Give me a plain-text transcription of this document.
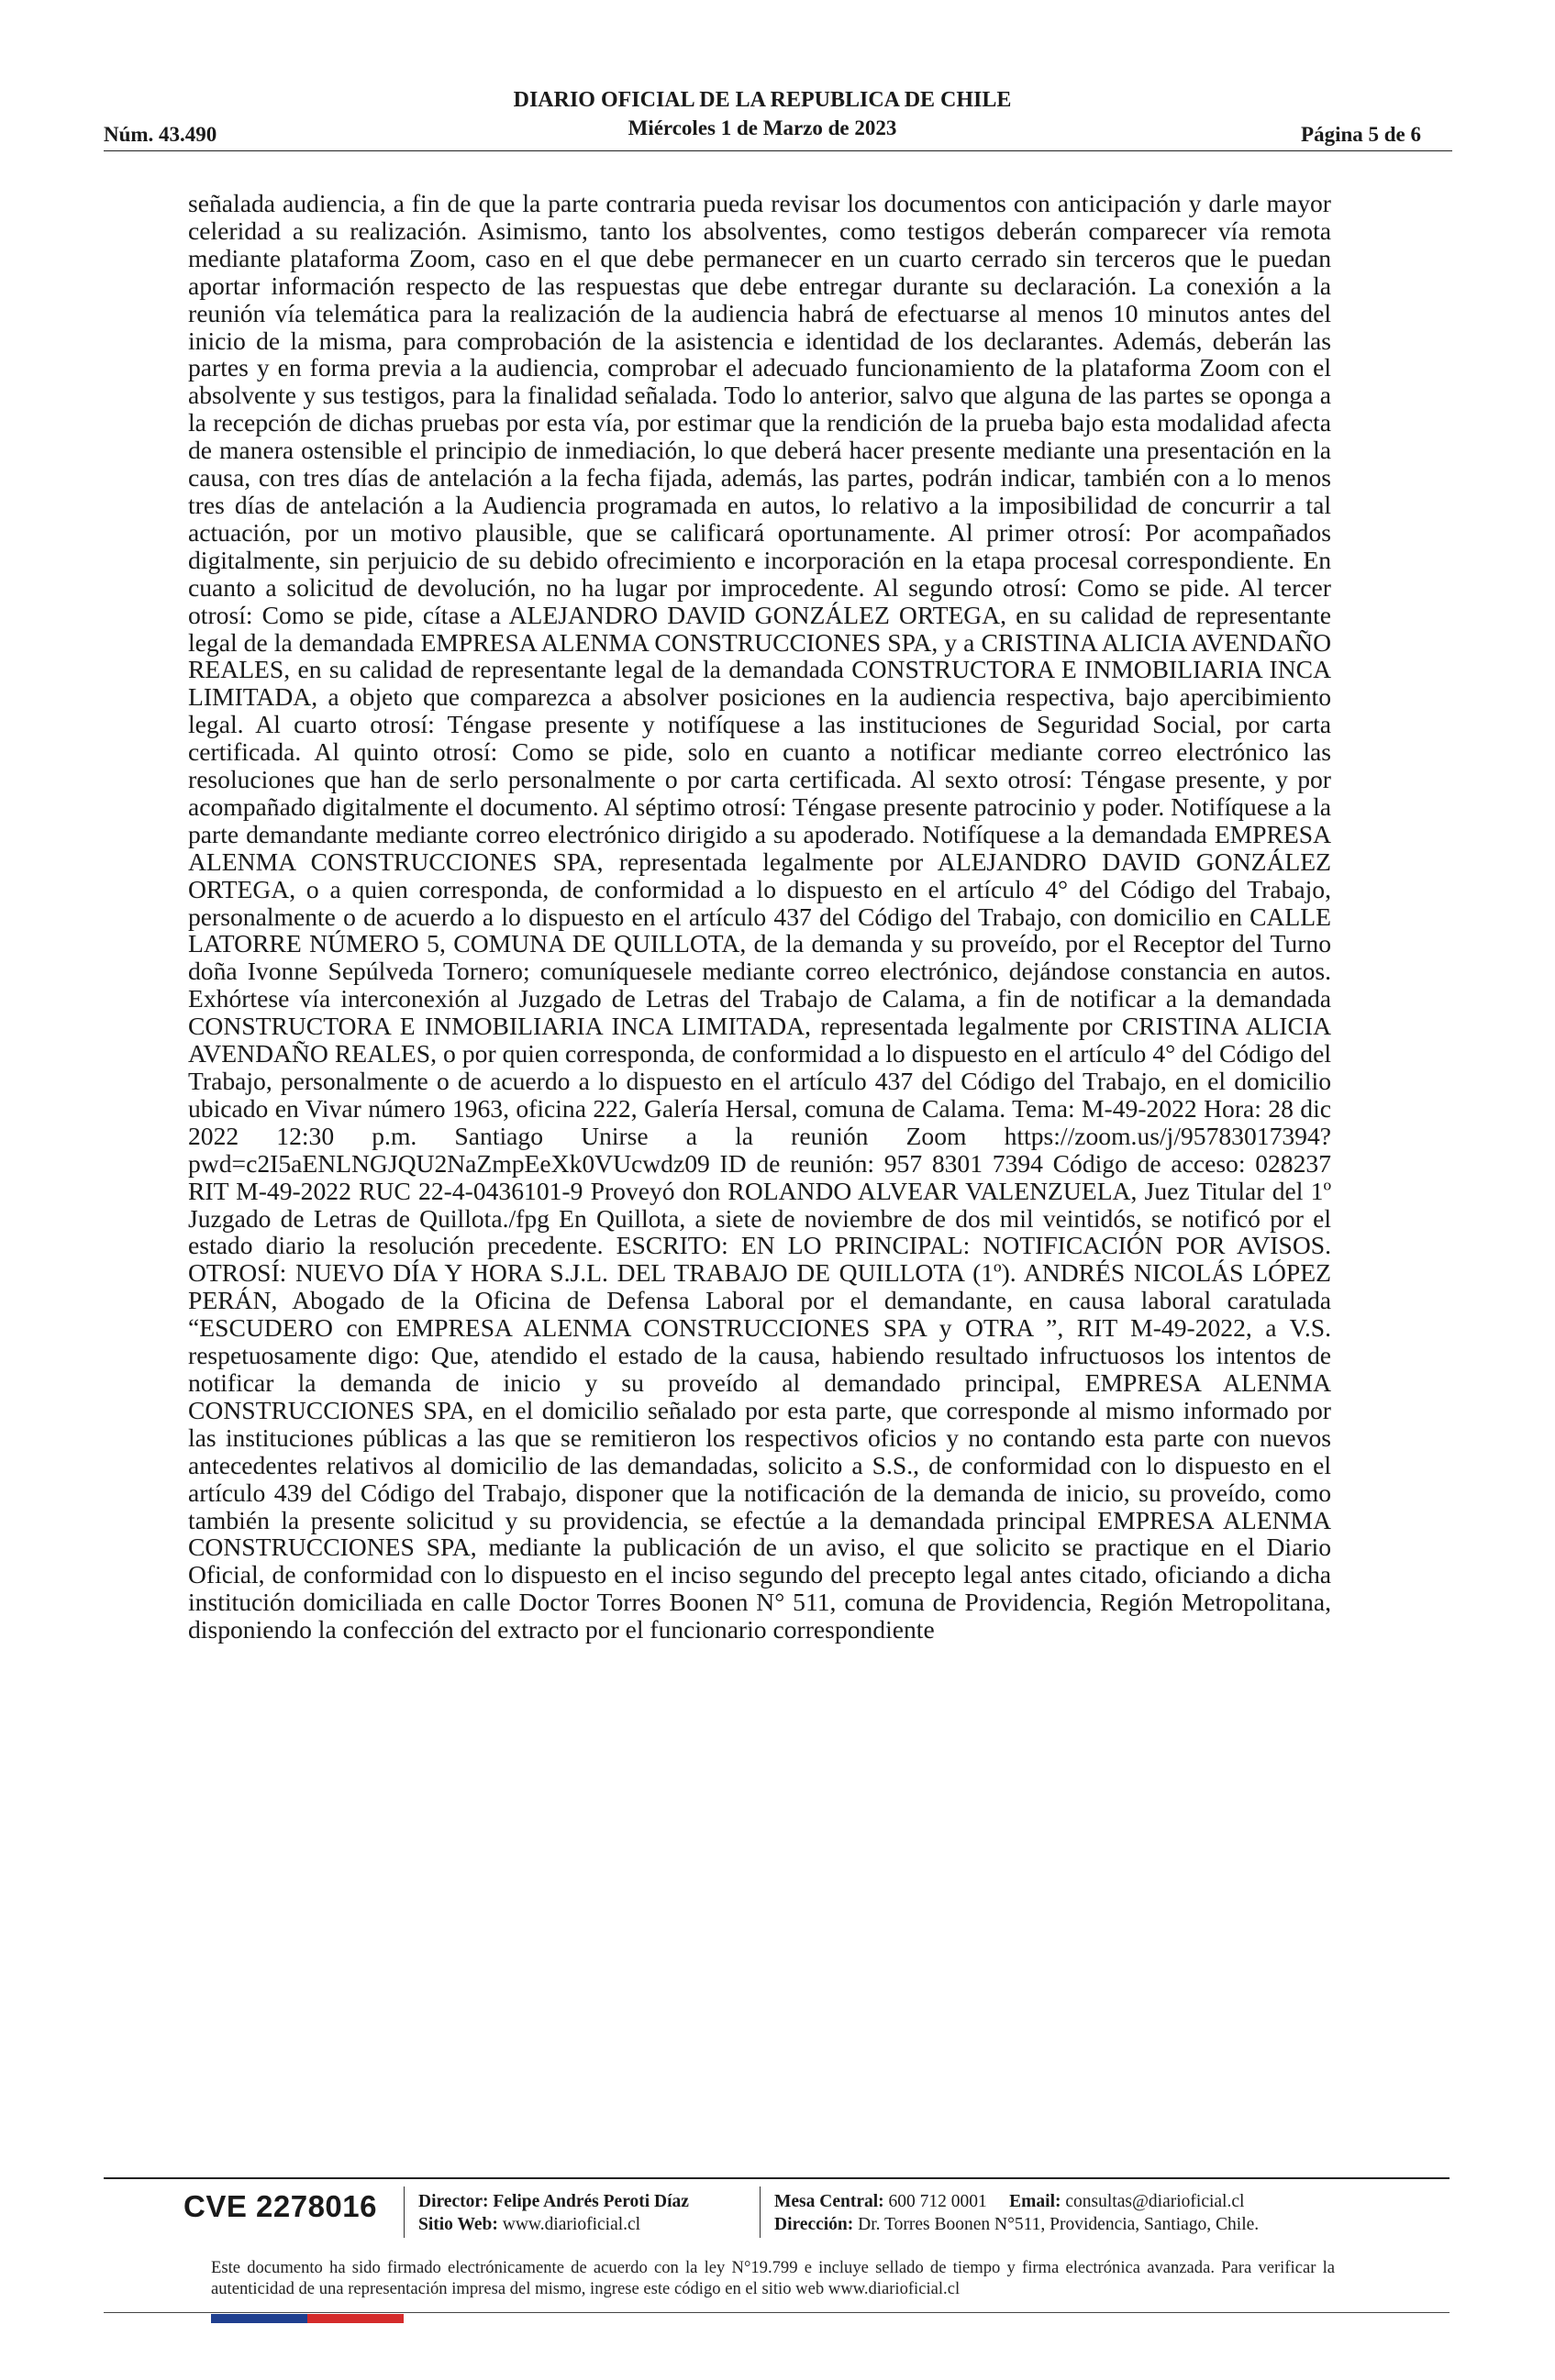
Núm. 43.490
DIARIO OFICIAL DE LA REPUBLICA DE CHILE
Miércoles 1 de Marzo de 2023	Página 5 de 6

señalada audiencia, a fin de que la parte contraria pueda revisar los documentos con anticipación y darle mayor celeridad a su realización. Asimismo, tanto los absolventes, como testigos deberán comparecer vía remota mediante plataforma Zoom, caso en el que debe permanecer en un cuarto cerrado sin terceros que le puedan aportar información respecto de las respuestas que debe entregar durante su declaración. La conexión a la reunión vía telemática para la realización de la audiencia habrá de efectuarse al menos 10 minutos antes del inicio de la misma, para comprobación de la asistencia e identidad de los declarantes. Además, deberán las partes y en forma previa a la audiencia, comprobar el adecuado funcionamiento de la plataforma Zoom con el absolvente y sus testigos, para la finalidad señalada. Todo lo anterior, salvo que alguna de las partes se oponga a la recepción de dichas pruebas por esta vía, por estimar que la rendición de la prueba bajo esta modalidad afecta de manera ostensible el principio de inmediación, lo que deberá hacer presente mediante una presentación en la causa, con tres días de antelación a la fecha fijada, además, las partes, podrán indicar, también con a lo menos tres días de antelación a la Audiencia programada en autos, lo relativo a la imposibilidad de concurrir a tal actuación, por un motivo plausible, que se calificará oportunamente. Al primer otrosí: Por acompañados digitalmente, sin perjuicio de su debido ofrecimiento e incorporación en la etapa procesal correspondiente. En cuanto a solicitud de devolución, no ha lugar por improcedente. Al segundo otrosí: Como se pide. Al tercer otrosí: Como se pide, cítase a ALEJANDRO DAVID GONZÁLEZ ORTEGA, en su calidad de representante legal de la demandada EMPRESA ALENMA CONSTRUCCIONES SPA, y a CRISTINA ALICIA AVENDAÑO REALES, en su calidad de representante legal de la demandada CONSTRUCTORA E INMOBILIARIA INCA LIMITADA, a objeto que comparezca a absolver posiciones en la audiencia respectiva, bajo apercibimiento legal. Al cuarto otrosí: Téngase presente y notifíquese a las instituciones de Seguridad Social, por carta certificada. Al quinto otrosí: Como se pide, solo en cuanto a notificar mediante correo electrónico las resoluciones que han de serlo personalmente o por carta certificada. Al sexto otrosí: Téngase presente, y por acompañado digitalmente el documento. Al séptimo otrosí: Téngase presente patrocinio y poder. Notifíquese a la parte demandante mediante correo electrónico dirigido a su apoderado. Notifíquese a la demandada EMPRESA ALENMA CONSTRUCCIONES SPA, representada legalmente por ALEJANDRO DAVID GONZÁLEZ ORTEGA, o a quien corresponda, de conformidad a lo dispuesto en el artículo 4° del Código del Trabajo, personalmente o de acuerdo a lo dispuesto en el artículo 437 del Código del Trabajo, con domicilio en CALLE LATORRE NÚMERO 5, COMUNA DE QUILLOTA, de la demanda y su proveído, por el Receptor del Turno doña Ivonne Sepúlveda Tornero; comuníquesele mediante correo electrónico, dejándose constancia en autos. Exhórtese vía interconexión al Juzgado de Letras del Trabajo de Calama, a fin de notificar a la demandada CONSTRUCTORA E INMOBILIARIA INCA LIMITADA, representada legalmente por CRISTINA ALICIA AVENDAÑO REALES, o por quien corresponda, de conformidad a lo dispuesto en el artículo 4° del Código del Trabajo, personalmente o de acuerdo a lo dispuesto en el artículo 437 del Código del Trabajo, en el domicilio ubicado en Vivar número 1963, oficina 222, Galería Hersal, comuna de Calama. Tema: M-49-2022 Hora: 28 dic 2022 12:30 p.m. Santiago Unirse a la reunión Zoom https://zoom.us/j/95783017394?pwd=c2I5aENLNGJQU2NaZmpEeXk0VUcwdz09 ID de reunión: 957 8301 7394 Código de acceso: 028237 RIT M-49-2022 RUC 22-4-0436101-9 Proveyó don ROLANDO ALVEAR VALENZUELA, Juez Titular del 1º Juzgado de Letras de Quillota./fpg En Quillota, a siete de noviembre de dos mil veintidós, se notificó por el estado diario la resolución precedente. ESCRITO: EN LO PRINCIPAL: NOTIFICACIÓN POR AVISOS. OTROSÍ: NUEVO DÍA Y HORA S.J.L. DEL TRABAJO DE QUILLOTA (1º). ANDRÉS NICOLÁS LÓPEZ PERÁN, Abogado de la Oficina de Defensa Laboral por el demandante, en causa laboral caratulada “ESCUDERO con EMPRESA ALENMA CONSTRUCCIONES SPA y OTRA ”, RIT M-49-2022, a V.S. respetuosamente digo: Que, atendido el estado de la causa, habiendo resultado infructuosos los intentos de notificar la demanda de inicio y su proveído al demandado principal, EMPRESA ALENMA CONSTRUCCIONES SPA, en el domicilio señalado por esta parte, que corresponde al mismo informado por las instituciones públicas a las que se remitieron los respectivos oficios y no contando esta parte con nuevos antecedentes relativos al domicilio de las demandadas, solicito a S.S., de conformidad con lo dispuesto en el artículo 439 del Código del Trabajo, disponer que la notificación de la demanda de inicio, su proveído, como también la presente solicitud y su providencia, se efectúe a la demandada principal EMPRESA ALENMA CONSTRUCCIONES SPA, mediante la publicación de un aviso, el que solicito se practique en el Diario Oficial, de conformidad con lo dispuesto en el inciso segundo del precepto legal antes citado, oficiando a dicha institución domiciliada en calle Doctor Torres Boonen N° 511, comuna de Providencia, Región Metropolitana, disponiendo la confección del extracto por el funcionario correspondiente

CVE 2278016 Director: Felipe Andrés Peroti Díaz
Sitio Web: www.diarioficial.cl
Mesa Central: 600 712 0001 Email: consultas@diarioficial.cl
Dirección: Dr. Torres Boonen N°511, Providencia, Santiago, Chile.
Este documento ha sido firmado electrónicamente de acuerdo con la ley N°19.799 e incluye sellado de tiempo y firma electrónica avanzada. Para verificar la autenticidad de una representación impresa del mismo, ingrese este código en el sitio web www.diarioficial.cl
